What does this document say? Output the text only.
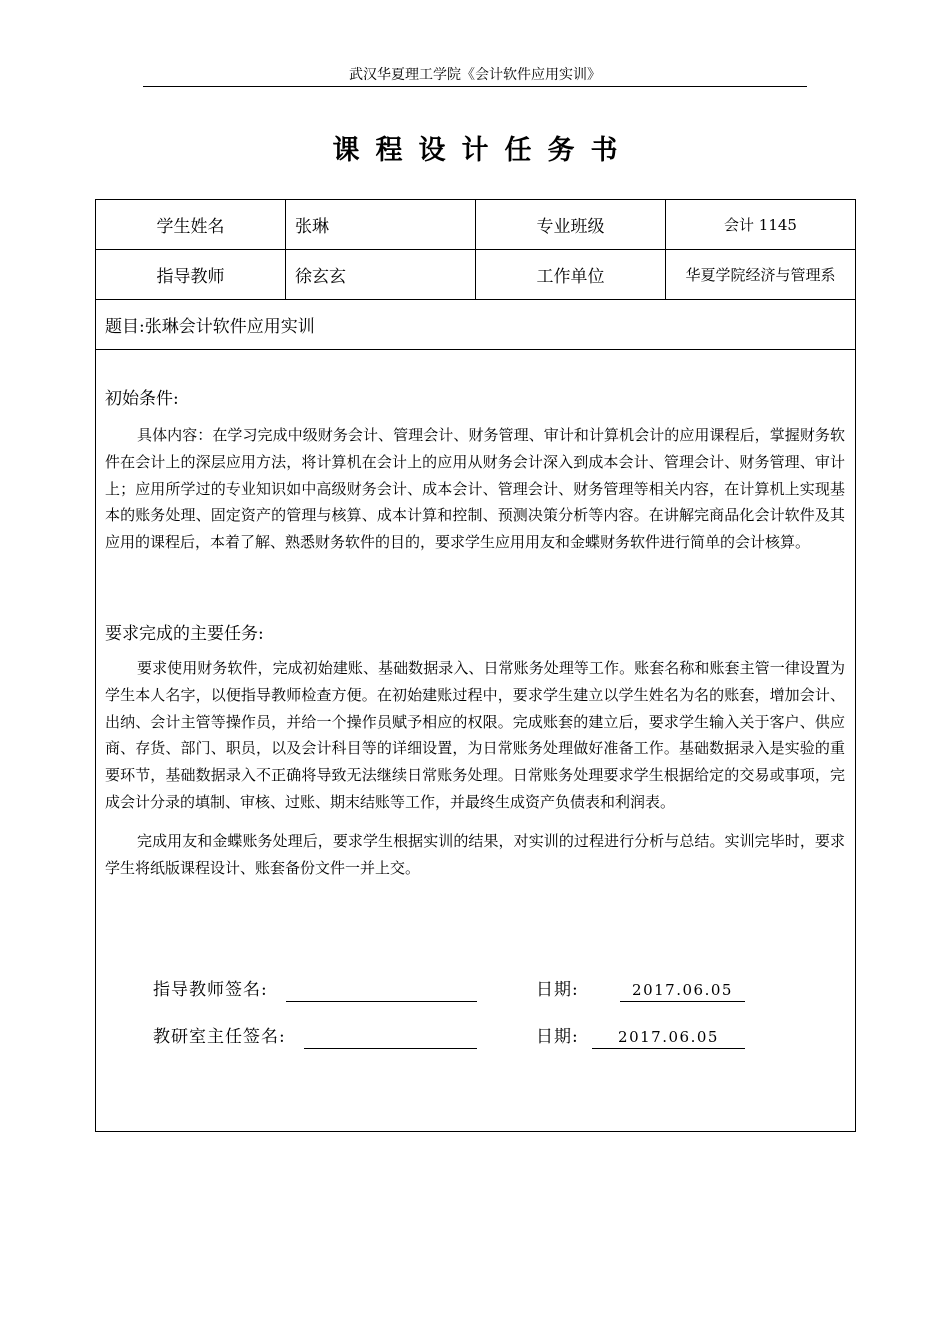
武汉华夏理工学院《会计软件应用实训》
课程设计任务书
学生姓名	张琳	专业班级	会计 1145
指导教师	徐玄玄	工作单位	华夏学院经济与管理系
题目:张琳会计软件应用实训
初始条件:

具体内容：在学习完成中级财务会计、管理会计、财务管理、审计和计算机会计的应用课程后，掌握财务软件在会计上的深层应用方法，将计算机在会计上的应用从财务会计深入到成本会计、管理会计、财务管理、审计上；应用所学过的专业知识如中高级财务会计、成本会计、管理会计、财务管理等相关内容，在计算机上实现基本的账务处理、固定资产的管理与核算、成本计算和控制、预测决策分析等内容。在讲解完商品化会计软件及其应用的课程后，本着了解、熟悉财务软件的目的，要求学生应用用友和金蝶财务软件进行简单的会计核算。

要求完成的主要任务:

要求使用财务软件，完成初始建账、基础数据录入、日常账务处理等工作。账套名称和账套主管一律设置为学生本人名字，以便指导教师检查方便。在初始建账过程中，要求学生建立以学生姓名为名的账套，增加会计、出纳、会计主管等操作员，并给一个操作员赋予相应的权限。完成账套的建立后，要求学生输入关于客户、供应商、存货、部门、职员，以及会计科目等的详细设置，为日常账务处理做好准备工作。基础数据录入是实验的重要环节，基础数据录入不正确将导致无法继续日常账务处理。日常账务处理要求学生根据给定的交易或事项，完成会计分录的填制、审核、过账、期末结账等工作，并最终生成资产负债表和利润表。

完成用友和金蝶账务处理后，要求学生根据实训的结果，对实训的过程进行分析与总结。实训完毕时，要求学生将纸版课程设计、账套备份文件一并上交。

指导教师签名:	日期:	2017.06.05
教研室主任签名:	日期:	2017.06.05
